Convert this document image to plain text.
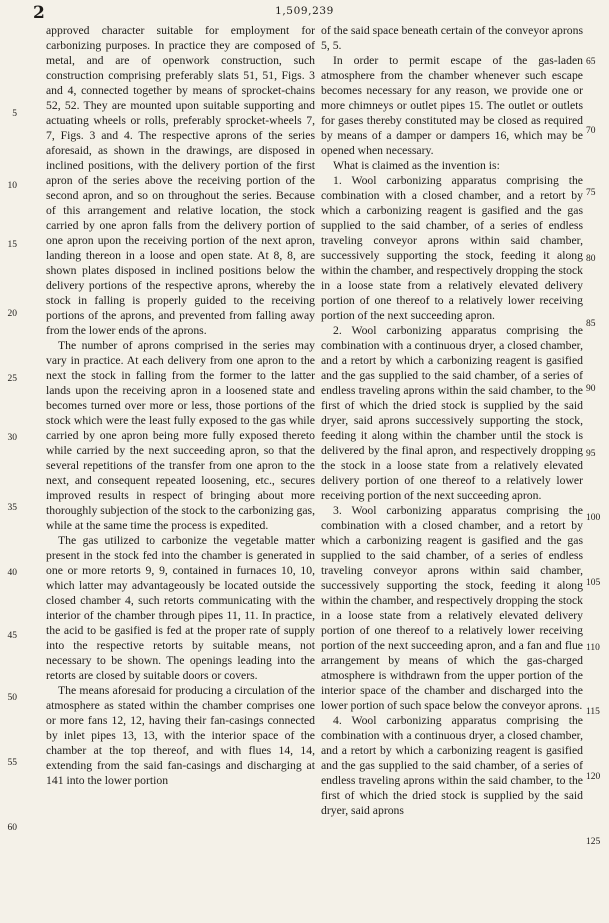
2	1,509,239

approved character suitable for employment for carbonizing purposes. In practice they are composed of metal, and are of openwork construction, such construction comprising preferably slats 51, 51, Figs. 3 and 4, connected together by means of sprocket-chains 52, 52. They are mounted upon suitable supporting and actuating wheels or rolls, preferably sprocket-wheels 7, 7, Figs. 3 and 4. The respective aprons of the series aforesaid, as shown in the drawings, are disposed in inclined positions, with the delivery portion of the first apron of the series above the receiving portion of the second apron, and so on throughout the series. Because of this arrangement and relative location, the stock carried by one apron falls from the delivery portion of one apron upon the receiving portion of the next apron, landing thereon in a loose and open state. At 8, 8, are shown plates disposed in inclined positions below the delivery portions of the respective aprons, whereby the stock in falling is properly guided to the receiving portions of the aprons, and prevented from falling away from the lower ends of the aprons.

The number of aprons comprised in the series may vary in practice. At each delivery from one apron to the next the stock in falling from the former to the latter lands upon the receiving apron in a loosened state and becomes turned over more or less, those portions of the stock which were the least fully exposed to the gas while carried by one apron being more fully exposed thereto while carried by the next succeeding apron, so that the several repetitions of the transfer from one apron to the next, and consequent repeated loosening, etc., secures improved results in respect of bringing about more thoroughly subjection of the stock to the carbonizing gas, while at the same time the process is expedited.

The gas utilized to carbonize the vegetable matter present in the stock fed into the chamber is generated in one or more retorts 9, 9, contained in furnaces 10, 10, which latter may advantageously be located outside the closed chamber 4, such retorts communicating with the interior of the chamber through pipes 11, 11. In practice, the acid to be gasified is fed at the proper rate of supply into the respective retorts by suitable means, not necessary to be shown. The openings leading into the retorts are closed by suitable doors or covers.

The means aforesaid for producing a circulation of the atmosphere as stated within the chamber comprises one or more fans 12, 12, having their fan-casings connected by inlet pipes 13, 13, with the interior space of the chamber at the top thereof, and with flues 14, 14, extending from the said fan-casings and discharging at 141 into the lower portion

of the said space beneath certain of the conveyor aprons 5, 5.

In order to permit escape of the gas-laden atmosphere from the chamber whenever such escape becomes necessary for any reason, we provide one or more chimneys or outlet pipes 15. The outlet or outlets for gases thereby constituted may be closed as required by means of a damper or dampers 16, which may be opened when necessary.

What is claimed as the invention is:

1. Wool carbonizing apparatus comprising the combination with a closed chamber, and a retort by which a carbonizing reagent is gasified and the gas supplied to the said chamber, of a series of endless traveling conveyor aprons within said chamber, successively supporting the stock, feeding it along within the chamber, and respectively dropping the stock in a loose state from a relatively elevated delivery portion of one thereof to a relatively lower receiving portion of the next succeeding apron.

2. Wool carbonizing apparatus comprising the combination with a continuous dryer, a closed chamber, and a retort by which a carbonizing reagent is gasified and the gas supplied to the said chamber, of a series of endless traveling aprons within the said chamber, to the first of which the dried stock is supplied by the said dryer, said aprons successively supporting the stock, feeding it along within the chamber until the stock is delivered by the final apron, and respectively dropping the stock in a loose state from a relatively elevated delivery portion of one thereof to a relatively lower receiving portion of the next succeeding apron.

3. Wool carbonizing apparatus comprising the combination with a closed chamber, and a retort by which a carbonizing reagent is gasified and the gas supplied to the said chamber, of a series of endless traveling conveyor aprons within said chamber, successively supporting the stock, feeding it along within the chamber, and respectively dropping the stock in a loose state from a relatively elevated delivery portion of one thereof to a relatively lower receiving portion of the next succeeding apron, and a fan and flue arrangement by means of which the gas-charged atmosphere is withdrawn from the upper portion of the interior space of the chamber and discharged into the lower portion of such space below the conveyor aprons.

4. Wool carbonizing apparatus comprising the combination with a continuous dryer, a closed chamber, and a retort by which a carbonizing reagent is gasified and the gas supplied to the said chamber, of a series of endless traveling aprons within the said chamber, to the first of which the dried stock is supplied by the said dryer, said aprons

5
10
15
20
25
30
35
40
45
50
55
60
65
70
75
80
85
90
95
100
105
110
115
120
125
